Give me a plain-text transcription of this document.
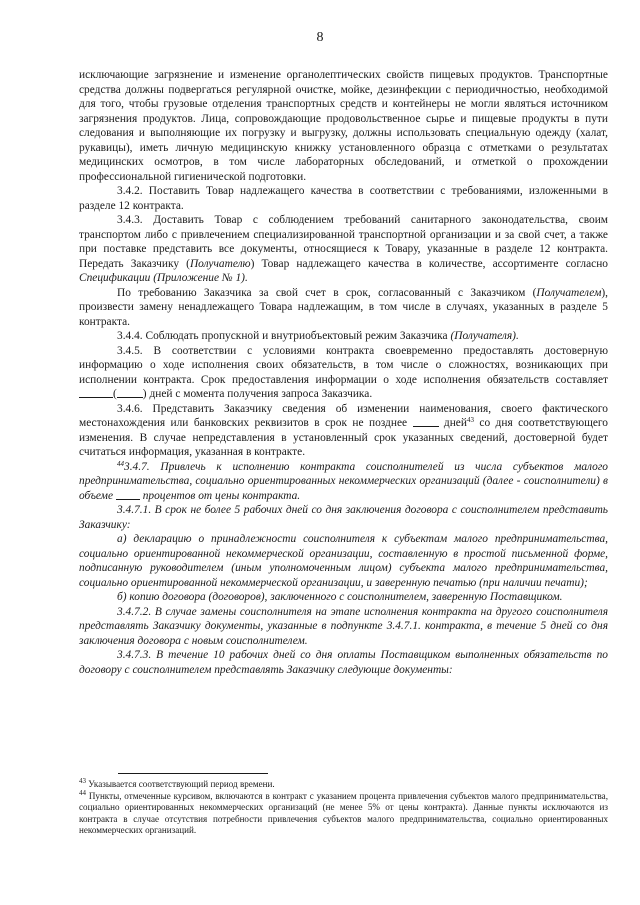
8

исключающие загрязнение и изменение органолептических свойств пищевых продуктов. Транспортные средства должны подвергаться регулярной очистке, мойке, дезинфекции с периодичностью, необходимой для того, чтобы грузовые отделения транспортных средств и контейнеры не могли являться источником загрязнения продуктов. Лица, сопровождающие продовольственное сырье и пищевые продукты в пути следования и выполняющие их погрузку и выгрузку, должны использовать специальную одежду (халат, рукавицы), иметь личную медицинскую книжку установленного образца с отметками о результатах медицинских осмотров, в том числе лабораторных обследований, и отметкой о прохождении профессиональной гигиенической подготовки.

3.4.2. Поставить Товар надлежащего качества в соответствии с требованиями, изложенными в разделе 12 контракта.

3.4.3. Доставить Товар с соблюдением требований санитарного законодательства, своим транспортом либо с привлечением специализированной транспортной организации и за свой счет, а также при поставке представить все документы, относящиеся к Товару, указанные в разделе 12 контракта. Передать Заказчику (Получателю) Товар надлежащего качества в количестве, ассортименте согласно Спецификации (Приложение № 1).

По требованию Заказчика за свой счет в срок, согласованный с Заказчиком (Получателем), произвести замену ненадлежащего Товара надлежащим, в том числе в случаях, указанных в разделе 5 контракта.

3.4.4. Соблюдать пропускной и внутриобъектовый режим Заказчика (Получателя).

3.4.5. В соответствии с условиями контракта своевременно предоставлять достоверную информацию о ходе исполнения своих обязательств, в том числе о сложностях, возникающих при исполнении контракта. Срок предоставления информации о ходе исполнения обязательств составляет ( ) дней с момента получения запроса Заказчика.

3.4.6. Представить Заказчику сведения об изменении наименования, своего фактического местонахождения или банковских реквизитов в срок не позднее  дней$^{43}$ со дня соответствующего изменения. В случае непредставления в установленный срок указанных сведений, достоверной будет считаться информация, указанная в контракте.

$^{44}$3.4.7. Привлечь к исполнению контракта соисполнителей из числа субъектов малого предпринимательства, социально ориентированных некоммерческих организаций (далее - соисполнители) в объеме  процентов от цены контракта.

3.4.7.1. В срок не более 5 рабочих дней со дня заключения договора с соисполнителем представить Заказчику:

а) декларацию о принадлежности соисполнителя к субъектам малого предпринимательства, социально ориентированной некоммерческой организации, составленную в простой письменной форме, подписанную руководителем (иным уполномоченным лицом) субъекта малого предпринимательства, социально ориентированной некоммерческой организации, и заверенную печатью (при наличии печати);

б) копию договора (договоров), заключенного с соисполнителем, заверенную Поставщиком.

3.4.7.2. В случае замены соисполнителя на этапе исполнения контракта на другого соисполнителя представлять Заказчику документы, указанные в подпункте 3.4.7.1. контракта, в течение 5 дней со дня заключения договора с новым соисполнителем.

3.4.7.3. В течение 10 рабочих дней со дня оплаты Поставщиком выполненных обязательств по договору с соисполнителем представлять Заказчику следующие документы:

$^{43}$ Указывается соответствующий период времени.

$^{44}$ Пункты, отмеченные курсивом, включаются в контракт с указанием процента привлечения субъектов малого предпринимательства, социально ориентированных некоммерческих организаций (не менее 5% от цены контракта). Данные пункты исключаются из контракта в случае отсутствия потребности привлечения субъектов малого предпринимательства, социально ориентированных некоммерческих организаций.
